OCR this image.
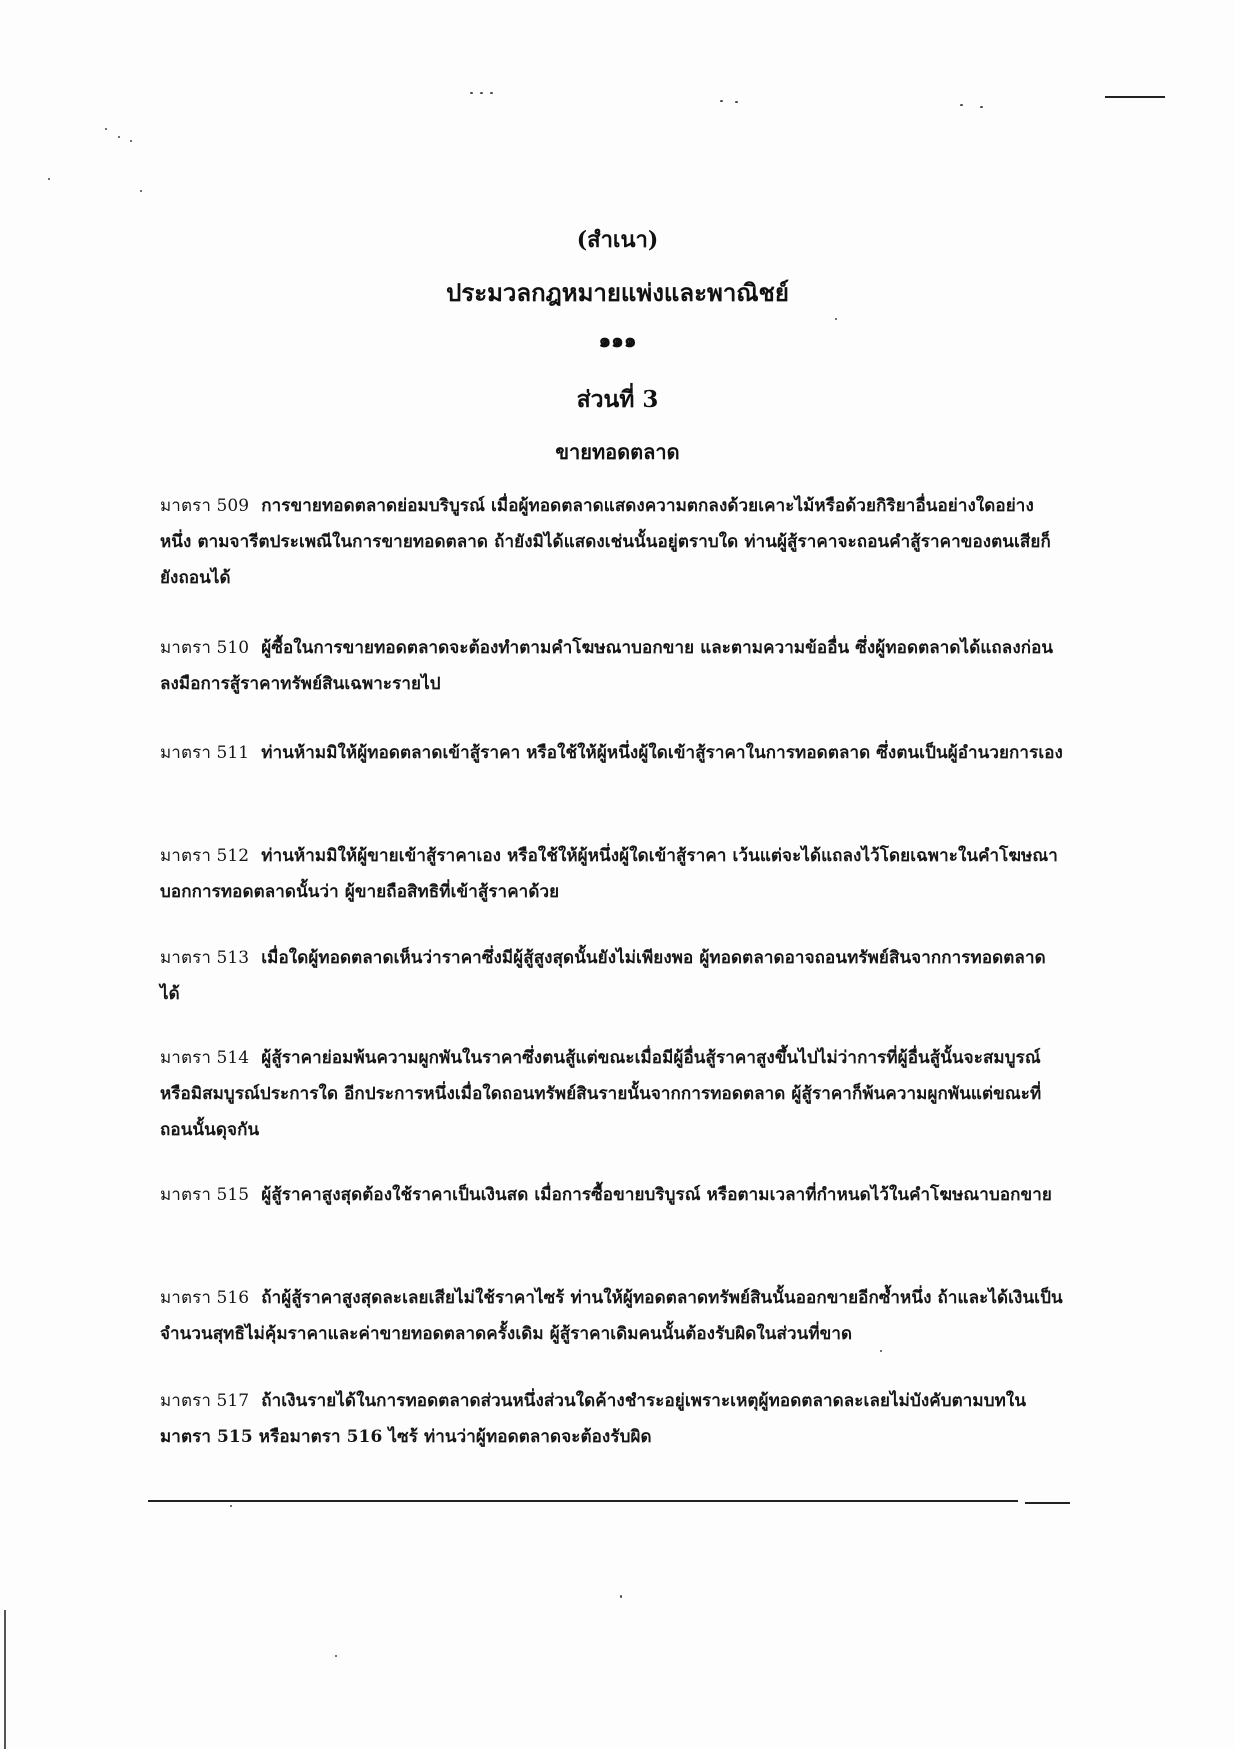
(สำเนา)
ประมวลกฎหมายแพ่งและพาณิชย์
๑๑๑
ส่วนที่ 3
ขายทอดตลาด
มาตรา 509 การขายทอดตลาดย่อมบริบูรณ์ เมื่อผู้ทอดตลาดแสดงความตกลงด้วยเคาะไม้หรือด้วยกิริยาอื่นอย่างใดอย่างหนึ่ง ตามจารีตประเพณีในการขายทอดตลาด ถ้ายังมิได้แสดงเช่นนั้นอยู่ตราบใด ท่านผู้สู้ราคาจะถอนคำสู้ราคาของตนเสียก็ยังถอนได้
มาตรา 510 ผู้ซื้อในการขายทอดตลาดจะต้องทำตามคำโฆษณาบอกขาย และตามความข้ออื่น ซึ่งผู้ทอดตลาดได้แถลงก่อนลงมือการสู้ราคาทรัพย์สินเฉพาะรายไป
มาตรา 511 ท่านห้ามมิให้ผู้ทอดตลาดเข้าสู้ราคา หรือใช้ให้ผู้หนึ่งผู้ใดเข้าสู้ราคาในการทอดตลาด ซึ่งตนเป็นผู้อำนวยการเอง
มาตรา 512 ท่านห้ามมิให้ผู้ขายเข้าสู้ราคาเอง หรือใช้ให้ผู้หนึ่งผู้ใดเข้าสู้ราคา เว้นแต่จะได้แถลงไว้โดยเฉพาะในคำโฆษณาบอกการทอดตลาดนั้นว่า ผู้ขายถือสิทธิที่เข้าสู้ราคาด้วย
มาตรา 513 เมื่อใดผู้ทอดตลาดเห็นว่าราคาซึ่งมีผู้สู้สูงสุดนั้นยังไม่เพียงพอ ผู้ทอดตลาดอาจถอนทรัพย์สินจากการทอดตลาดได้
มาตรา 514 ผู้สู้ราคาย่อมพ้นความผูกพันในราคาซึ่งตนสู้แต่ขณะเมื่อมีผู้อื่นสู้ราคาสูงขึ้นไปไม่ว่าการที่ผู้อื่นสู้นั้นจะสมบูรณ์หรือมิสมบูรณ์ประการใด อีกประการหนึ่งเมื่อใดถอนทรัพย์สินรายนั้นจากการทอดตลาด ผู้สู้ราคาก็พ้นความผูกพันแต่ขณะที่ถอนนั้นดุจกัน
มาตรา 515 ผู้สู้ราคาสูงสุดต้องใช้ราคาเป็นเงินสด เมื่อการซื้อขายบริบูรณ์ หรือตามเวลาที่กำหนดไว้ในคำโฆษณาบอกขาย
มาตรา 516 ถ้าผู้สู้ราคาสูงสุดละเลยเสียไม่ใช้ราคาไซร้ ท่านให้ผู้ทอดตลาดทรัพย์สินนั้นออกขายอีกซ้ำหนึ่ง ถ้าและได้เงินเป็นจำนวนสุทธิไม่คุ้มราคาและค่าขายทอดตลาดครั้งเดิม ผู้สู้ราคาเดิมคนนั้นต้องรับผิดในส่วนที่ขาด
มาตรา 517 ถ้าเงินรายได้ในการทอดตลาดส่วนหนึ่งส่วนใดค้างชำระอยู่เพราะเหตุผู้ทอดตลาดละเลยไม่บังคับตามบทในมาตรา 515 หรือมาตรา 516 ไซร้ ท่านว่าผู้ทอดตลาดจะต้องรับผิด
